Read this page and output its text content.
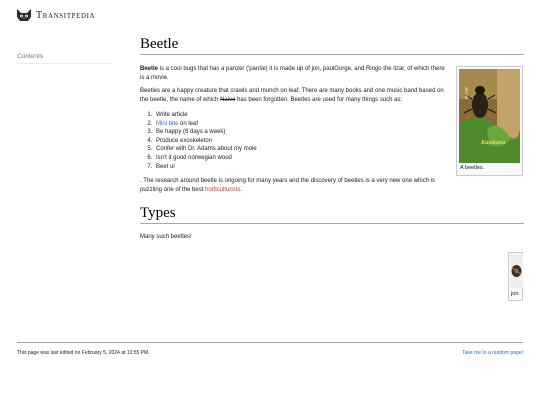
Transitpedia
Contents
Beetle

Beetle is a cool bugs that has a panzer ('panšɐ) it is made up of jon, paulGorge, and Ringo the lizar, of which there is a movie.

Beetles are a happy creature that crawls and munch on leaf. There are many books and one music band based on the beetle, the name of which Naive has been forgotten. Beetles are used for many things such as:

1. Write article
2. Mini bite on leaf
3. Be happy (8 days a week)
4. Produce exoskeleton
5. Confer with Dr. Adams about my mole
6. Isn't it good norwegian wood
7. Beet ul

. The research around beetle is ongoing for many years and the discovery of beetles is a very new one which is puzzling one of the best horticulturists.

Types

Many such beetles!

35146
Kumkana
A beetles.
jon.
This page was last edited on February 5, 2024 at 12:55 PM.	Take me to a random page!
